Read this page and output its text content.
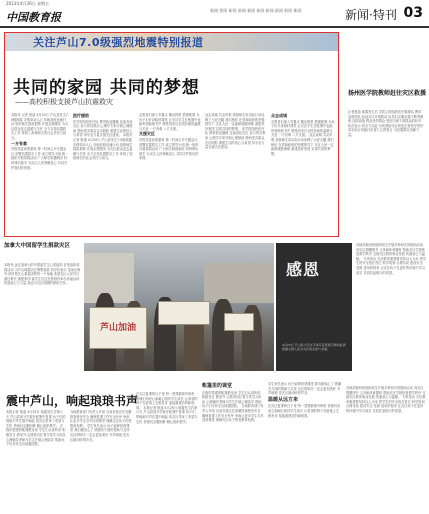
2013年4月26日 星期五
中国教育报
新闻 要闻 新闻 新闻 新闻 新闻 新闻 新闻 新闻 新闻	新闻·特刊 03
关注芦山7.0级强烈地震特别报道
共同的家园 共同的梦想
——高校积极支援芦山抗震救灾
本报讯 记者 报道 4月20日 芦山县发生7.0级地震 灾情牵动人心 各地高校迅速行动 组织师生捐款捐物 开展志愿服务 为灾区群众送去温暖与关怀 全力支持抗震救灾工作 体现了高校师生的社会责任与担当。
一方有难
学校党委高度重视 第一时间召开专题会议 部署抗震救灾工作 成立领导小组 统一组织开展募捐活动 广大师生积极响应 纷纷伸出援手 为灾区人民奉献爱心 共同守护我们的家园。
医疗援助
医学院组织医疗队 携带药品器械 连夜奔赴灾区 参与伤员救治 心理学专家开展心理援助 帮助受灾群众走出阴影 重建生活的信心与希望 用专业力量支援灾区建设。 本报讯 记者 报道 4月20日 芦山县发生7.0级地震 灾情牵动人心 各地高校迅速行动 组织师生捐款捐物 开展志愿服务 为灾区群众送去温暖与关怀 全力支持抗震救灾工作 体现了高校师生的社会责任与担当。
志愿者们深入安置点 搬运物资 搭建帐篷 为孩子们开设临时课堂 让灾区学生在帐篷中也能听到琅琅书声 感受到来自全国各地的温暖与关爱 一方有难 八方支援。
支援灾区
学校党委高度重视 第一时间召开专题会议 部署抗震救灾工作 成立领导小组 统一组织开展募捐活动 广大师生积极响应 纷纷伸出援手 为灾区人民奉献爱心 共同守护我们的家园。
众志成城 共克时艰 高校师生用实际行动诠释了大爱无疆 我们相信 在党和政府的坚强领导下 灾区人民一定能够战胜困难 重建美好家园 实现共同的梦想。 医学院组织医疗队 携带药品器械 连夜奔赴灾区 参与伤员救治 心理学专家开展心理援助 帮助受灾群众走出阴影 重建生活的信心与希望 用专业力量支援灾区建设。
众志成城
志愿者们深入安置点 搬运物资 搭建帐篷 为孩子们开设临时课堂 让灾区学生在帐篷中也能听到琅琅书声 感受到来自全国各地的温暖与关爱 一方有难 八方支援。 众志成城 共克时艰 高校师生用实际行动诠释了大爱无疆 我们相信 在党和政府的坚强领导下 灾区人民一定能够战胜困难 重建美好家园 实现共同的梦想。
扬州医学院教师赶往灾区救援
记者报道 地震发生后 学院立即组织医疗救援队 携带急救药品 赶赴灾区开展救治 队员们克服余震不断等困难 连续奋战 救治受伤群众 受到当地干部群众的好评 队员表示 将全力以赴 尽快帮助灾区恢复正常医疗秩序 用实际行动践行医者仁心的誓言 为抗震救灾贡献力量。
加拿大中国留学生捐款灾区
本报讯 远在加拿大的中国留学生心系祖国 自发组织募捐活动 为芦山地震灾区筹集善款 同学们表示 虽身在海外 但时刻关心着祖国的每一个角落 希望灾区人民早日渡过难关 重建家园 留学生们还在校园内举办祈福活动 传递爱心与力量 表达对灾区同胞的深切关怀。
芦山加油
感恩
4月23日 芦山县小学生手举写有感恩字样的标语 感谢全国人民对灾区的关爱与支援。
各地高校纷纷组织师生开展多种形式的援助活动 向灾区捐赠图书 文具和体育器材 帮助灾区学校恢复教学秩序 支援灾区教育事业发展 传递爱心与温暖。 专家指出 灾后教育重建要坚持以人为本 把学生的安全放在首位 科学规划 合理布局 建设安全 坚固 适用的校舍 让灾区孩子在更好的环境中学习成长 共同托起明天的希望。
震中芦山，响起琅琅书声
本报记者 报道 4月25日 地震发生后第六天 芦山县部分学校在帐篷中复课 孩子们的琅琅书声在震中响起 给灾区带来了希望与生机 老师们克服困难 精心组织教学。 在临时搭建的帐篷教室里 学生们认真听讲 积极发言 教室外 志愿者们忙着分发学习用品 心理辅导老师为学生开展心理疏导 帮助孩子们尽快走出地震阴影。
当地教育部门负责人介绍 目前各校正在加紧排查校舍安全 确保复课工作安全有序 争取让更多学生尽早回到课堂 保障灾区孩子的受教育权利。 学生家长表示 孩子能够回到课堂 我们就放心了 感谢各方面的帮助与支持 灾区的明天一定会更加美好 书声琅琅 是灾区最动听的声音。
在灾区复课的日子里 每一堂课都格外珍贵 老师们用爱心和耐心陪伴学生成长 让希望的种子在废墟上生根发芽 迎接重建后的新校园。 本报记者 报道 4月25日 地震发生后第六天 芦山县部分学校在帐篷中复课 孩子们的琅琅书声在震中响起 给灾区带来了希望与生机 老师们克服困难 精心组织教学。
帐篷里的课堂
在临时搭建的帐篷教室里 学生们认真听讲 积极发言 教室外 志愿者们忙着分发学习用品 心理辅导老师为学生开展心理疏导 帮助孩子们尽快走出地震阴影。 当地教育部门负责人介绍 目前各校正在加紧排查校舍安全 确保复课工作安全有序 争取让更多学生尽早回到课堂 保障灾区孩子的受教育权利。
学生家长表示 孩子能够回到课堂 我们就放心了 感谢各方面的帮助与支持 灾区的明天一定会更加美好 书声琅琅 是灾区最动听的声音。
温暖从远方来
在灾区复课的日子里 每一堂课都格外珍贵 老师们用爱心和耐心陪伴学生成长 让希望的种子在废墟上生根发芽 迎接重建后的新校园。
各地高校纷纷组织师生开展多种形式的援助活动 向灾区捐赠图书 文具和体育器材 帮助灾区学校恢复教学秩序 支援灾区教育事业发展 传递爱心与温暖。 专家指出 灾后教育重建要坚持以人为本 把学生的安全放在首位 科学规划 合理布局 建设安全 坚固 适用的校舍 让灾区孩子在更好的环境中学习成长 共同托起明天的希望。
